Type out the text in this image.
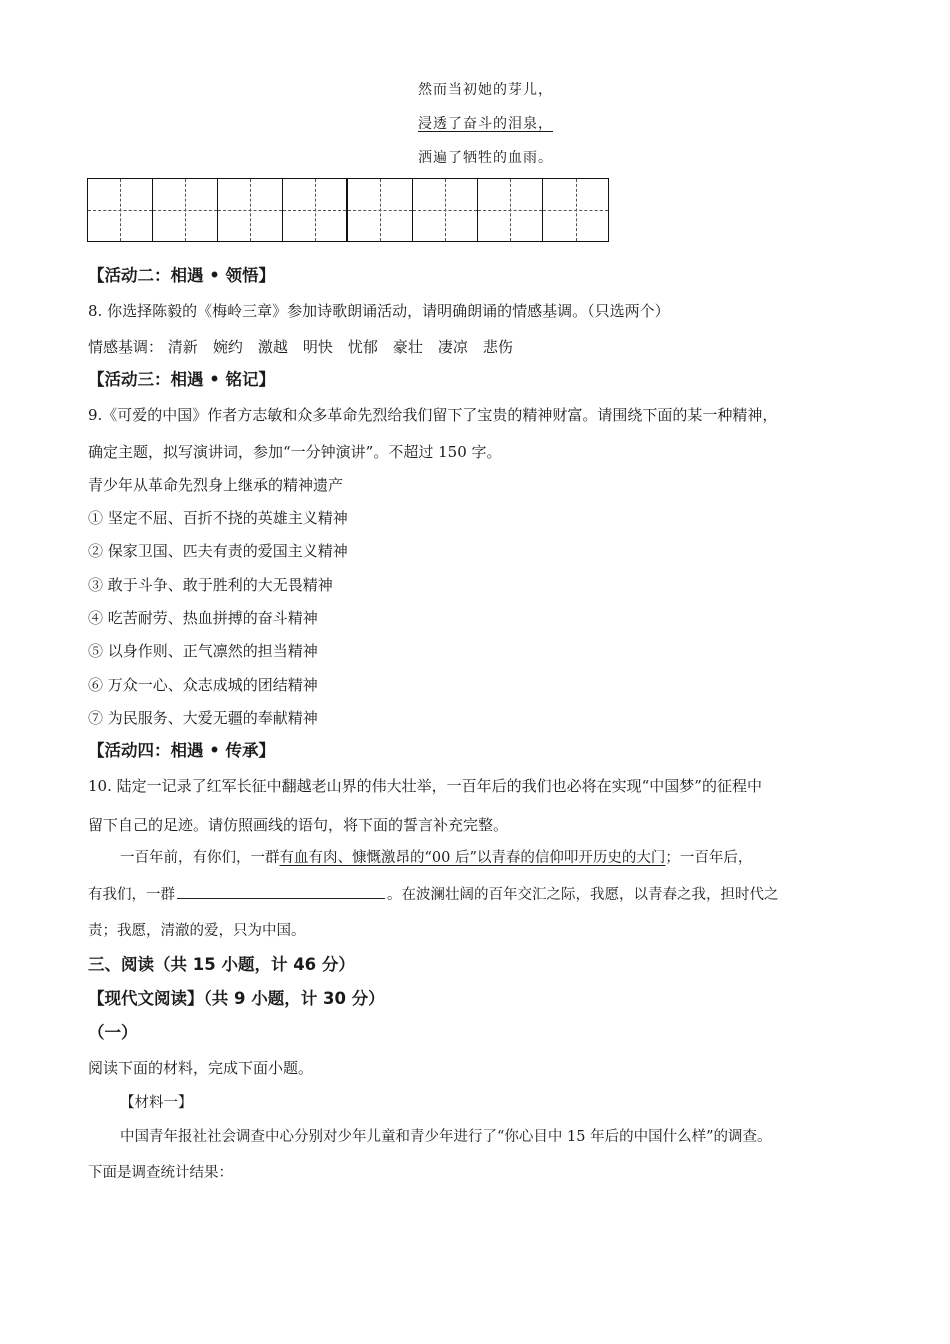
然而当初她的芽儿，
浸透了奋斗的泪泉，
洒遍了牺牲的血雨。
【活动二：相遇 • 领悟】
8. 你选择陈毅的《梅岭三章》参加诗歌朗诵活动，请明确朗诵的情感基调。（只选两个）
情感基调： 清新 婉约 激越 明快 忧郁 豪壮 凄凉 悲伤
【活动三：相遇 • 铭记】
9.《可爱的中国》作者方志敏和众多革命先烈给我们留下了宝贵的精神财富。请围绕下面的某一种精神，
确定主题，拟写演讲词，参加“一分钟演讲”。不超过 150 字。
青少年从革命先烈身上继承的精神遗产
① 坚定不屈、百折不挠的英雄主义精神
② 保家卫国、匹夫有责的爱国主义精神
③ 敢于斗争、敢于胜利的大无畏精神
④ 吃苦耐劳、热血拼搏的奋斗精神
⑤ 以身作则、正气凛然的担当精神
⑥ 万众一心、众志成城的团结精神
⑦ 为民服务、大爱无疆的奉献精神
【活动四：相遇 • 传承】
10. 陆定一记录了红军长征中翻越老山界的伟大壮举，一百年后的我们也必将在实现“中国梦”的征程中
留下自己的足迹。请仿照画线的语句，将下面的誓言补充完整。
一百年前，有你们，一群有血有肉、慷慨激昂的“00 后”以青春的信仰叩开历史的大门；一百年后，
有我们，一群	。在波澜壮阔的百年交汇之际，我愿，以青春之我，担时代之
责；我愿，清澈的爱，只为中国。
三、阅读（共 15 小题，计 46 分）
【现代文阅读】（共 9 小题，计 30 分）
（一）
阅读下面的材料，完成下面小题。
【材料一】
中国青年报社社会调查中心分别对少年儿童和青少年进行了“你心目中 15 年后的中国什么样”的调查。
下面是调查统计结果：
